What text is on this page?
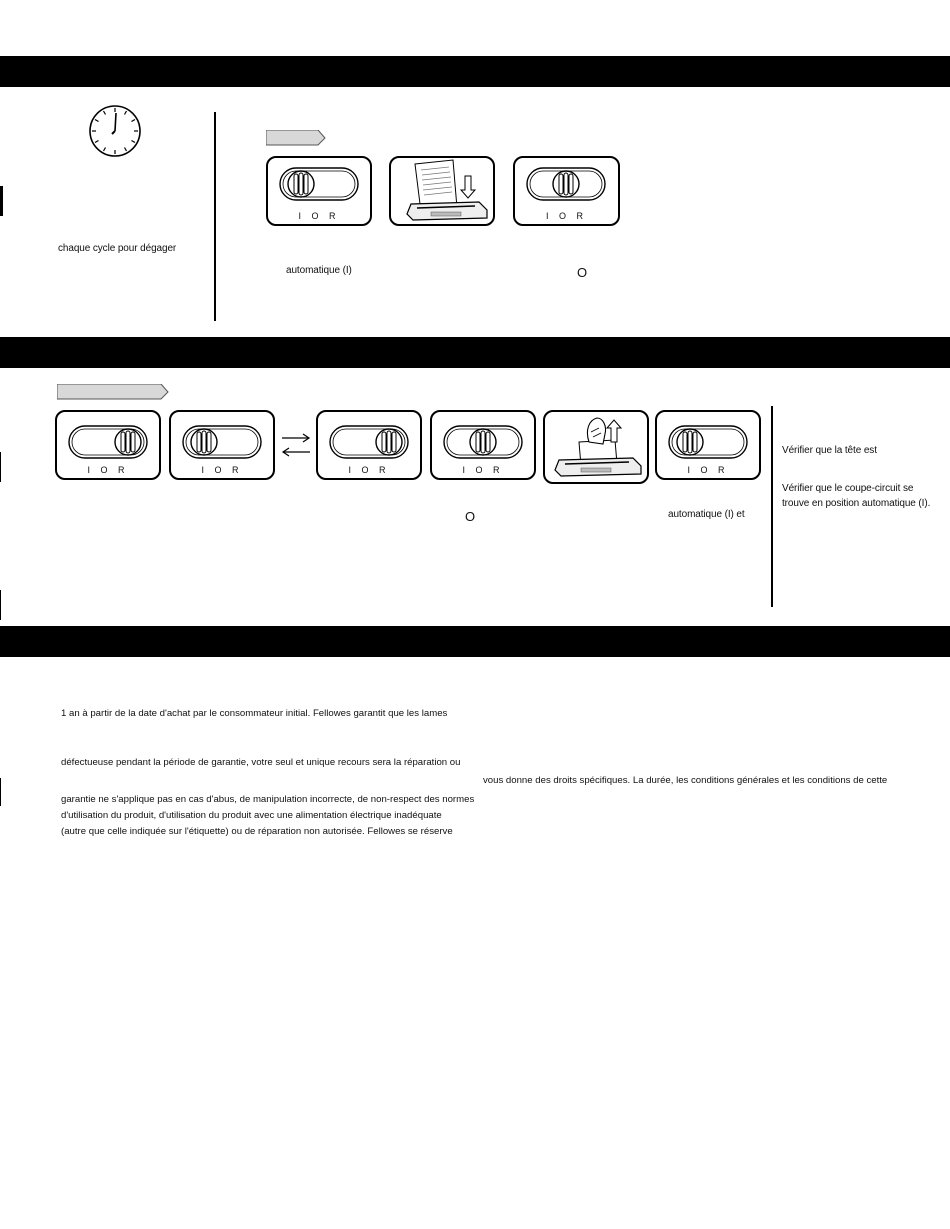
chaque cycle pour dégager
I O R	I O R
automatique (I)	O
I O R	I O R	I O R	I O R	I O R
O	automatique (I) et
Vérifier que la tête est
Vérifier que le coupe-circuit se
trouve en position automatique (I).
1 an à partir de la date d'achat par le consommateur initial. Fellowes garantit que les lames
défectueuse pendant la période de garantie, votre seul et unique recours sera la réparation ou
garantie ne s'applique pas en cas d'abus, de manipulation incorrecte, de non-respect des normes
d'utilisation du produit, d'utilisation du produit avec une alimentation électrique inadéquate
(autre que celle indiquée sur l'étiquette) ou de réparation non autorisée. Fellowes se réserve
vous donne des droits spécifiques. La durée, les conditions générales et les conditions de cette
